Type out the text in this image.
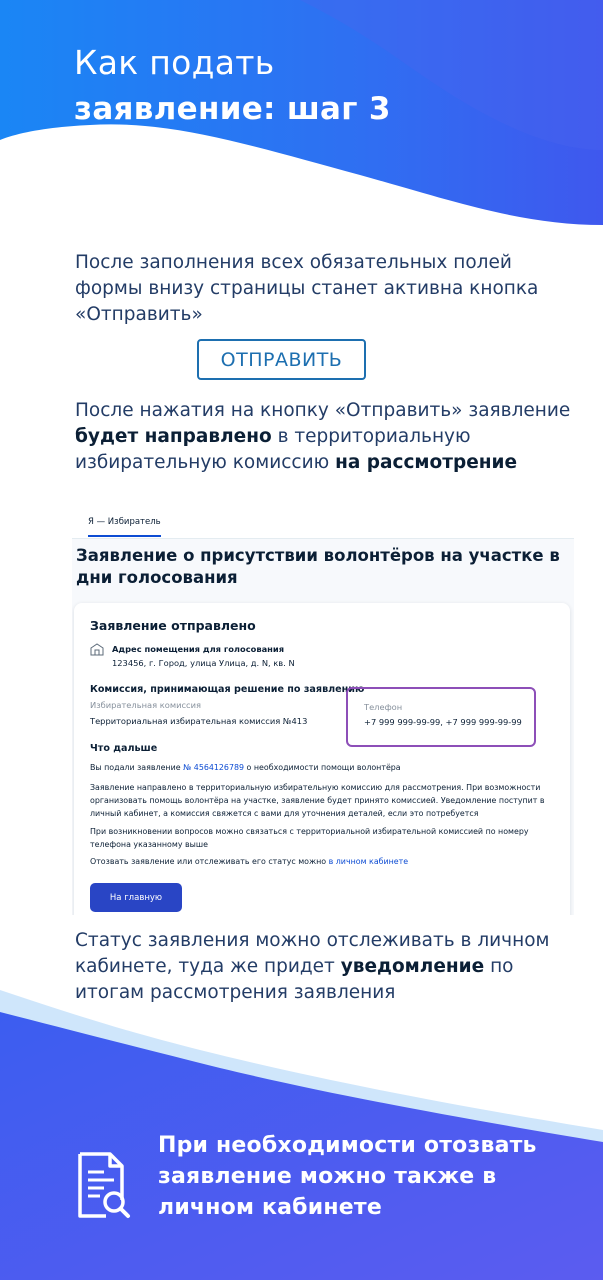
Как подать
заявление: шаг 3

После заполнения всех обязательных полей формы внизу страницы станет активна кнопка «Отправить»

ОТПРАВИТЬ

После нажатия на кнопку «Отправить» заявление будет направлено в территориальную избирательную комиссию на рассмотрение

Я — Избиратель
Заявление о присутствии волонтёров на участке в дни голосования
Заявление отправлено
Адрес помещения для голосования
123456, г. Город, улица Улица, д. N, кв. N
Комиссия, принимающая решение по заявлению
Избирательная комиссия
Территориальная избирательная комиссия №413
Телефон
+7 999 999-99-99, +7 999 999-99-99
Что дальше
Вы подали заявление № 4564126789 о необходимости помощи волонтёра
Заявление направлено в территориальную избирательную комиссию для рассмотрения. При возможности организовать помощь волонтёра на участке, заявление будет принято комиссией. Уведомление поступит в личный кабинет, а комиссия свяжется с вами для уточнения деталей, если это потребуется
При возникновении вопросов можно связаться с территориальной избирательной комиссией по номеру телефона указанному выше
Отозвать заявление или отслеживать его статус можно в личном кабинете
На главную

Статус заявления можно отслеживать в личном кабинете, туда же придет уведомление по итогам рассмотрения заявления

При необходимости отозвать заявление можно также в личном кабинете
